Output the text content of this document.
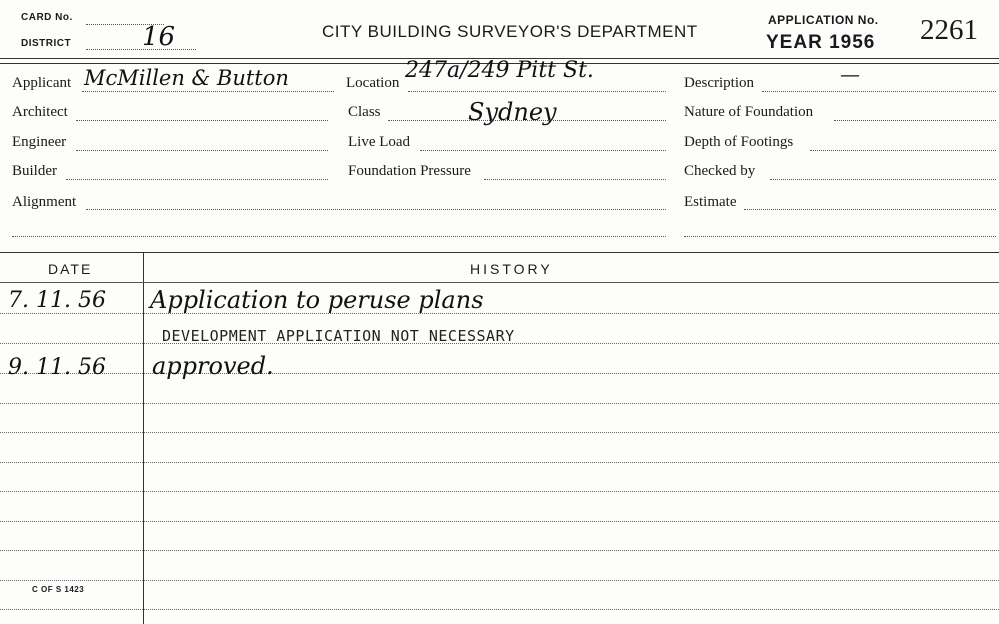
CARD No.
DISTRICT	16	CITY BUILDING SURVEYOR'S DEPARTMENT
APPLICATION No.
YEAR 1956 2261
Applicant McMillen & Button
Architect
Engineer
Builder
Alignment
Location 247a/249 Pitt St.
Sydney
Class
Live Load
Foundation Pressure
Description	—
Nature of Foundation
Depth of Footings
Checked by
Estimate
DATE	HISTORY
7. 11. 56 Application to peruse plans
DEVELOPMENT APPLICATION NOT NECESSARY
9. 11. 56 approved.
C OF S 1423
